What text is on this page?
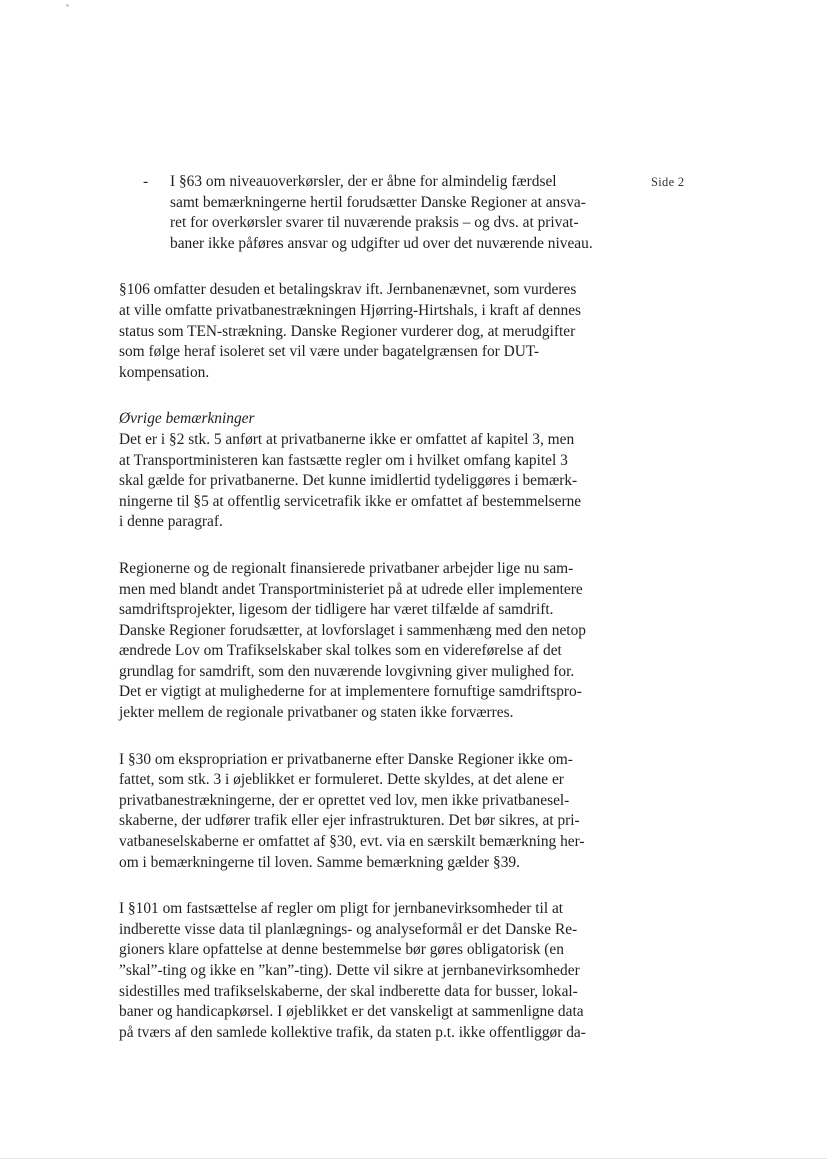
Side 2
- I §63 om niveauoverkørsler, der er åbne for almindelig færdsel
samt bemærkningerne hertil forudsætter Danske Regioner at ansva-
ret for overkørsler svarer til nuværende praksis – og dvs. at privat-
baner ikke påføres ansvar og udgifter ud over det nuværende niveau.

§106 omfatter desuden et betalingskrav ift. Jernbanenævnet, som vurderes
at ville omfatte privatbanestrækningen Hjørring-Hirtshals, i kraft af dennes
status som TEN-strækning. Danske Regioner vurderer dog, at merudgifter
som følge heraf isoleret set vil være under bagatelgrænsen for DUT-
kompensation.

Øvrige bemærkninger

Det er i §2 stk. 5 anført at privatbanerne ikke er omfattet af kapitel 3, men
at Transportministeren kan fastsætte regler om i hvilket omfang kapitel 3
skal gælde for privatbanerne. Det kunne imidlertid tydeliggøres i bemærk-
ningerne til §5 at offentlig servicetrafik ikke er omfattet af bestemmelserne
i denne paragraf.

Regionerne og de regionalt finansierede privatbaner arbejder lige nu sam-
men med blandt andet Transportministeriet på at udrede eller implementere
samdriftsprojekter, ligesom der tidligere har været tilfælde af samdrift.
Danske Regioner forudsætter, at lovforslaget i sammenhæng med den netop
ændrede Lov om Trafikselskaber skal tolkes som en videreførelse af det
grundlag for samdrift, som den nuværende lovgivning giver mulighed for.
Det er vigtigt at mulighederne for at implementere fornuftige samdriftspro-
jekter mellem de regionale privatbaner og staten ikke forværres.

I §30 om ekspropriation er privatbanerne efter Danske Regioner ikke om-
fattet, som stk. 3 i øjeblikket er formuleret. Dette skyldes, at det alene er
privatbanestrækningerne, der er oprettet ved lov, men ikke privatbanesel-
skaberne, der udfører trafik eller ejer infrastrukturen. Det bør sikres, at pri-
vatbaneselskaberne er omfattet af §30, evt. via en særskilt bemærkning her-
om i bemærkningerne til loven. Samme bemærkning gælder §39.

I §101 om fastsættelse af regler om pligt for jernbanevirksomheder til at
indberette visse data til planlægnings- og analyseformål er det Danske Re-
gioners klare opfattelse at denne bestemmelse bør gøres obligatorisk (en
”skal”-ting og ikke en ”kan”-ting). Dette vil sikre at jernbanevirksomheder
sidestilles med trafikselskaberne, der skal indberette data for busser, lokal-
baner og handicapkørsel. I øjeblikket er det vanskeligt at sammenligne data
på tværs af den samlede kollektive trafik, da staten p.t. ikke offentliggør da-
